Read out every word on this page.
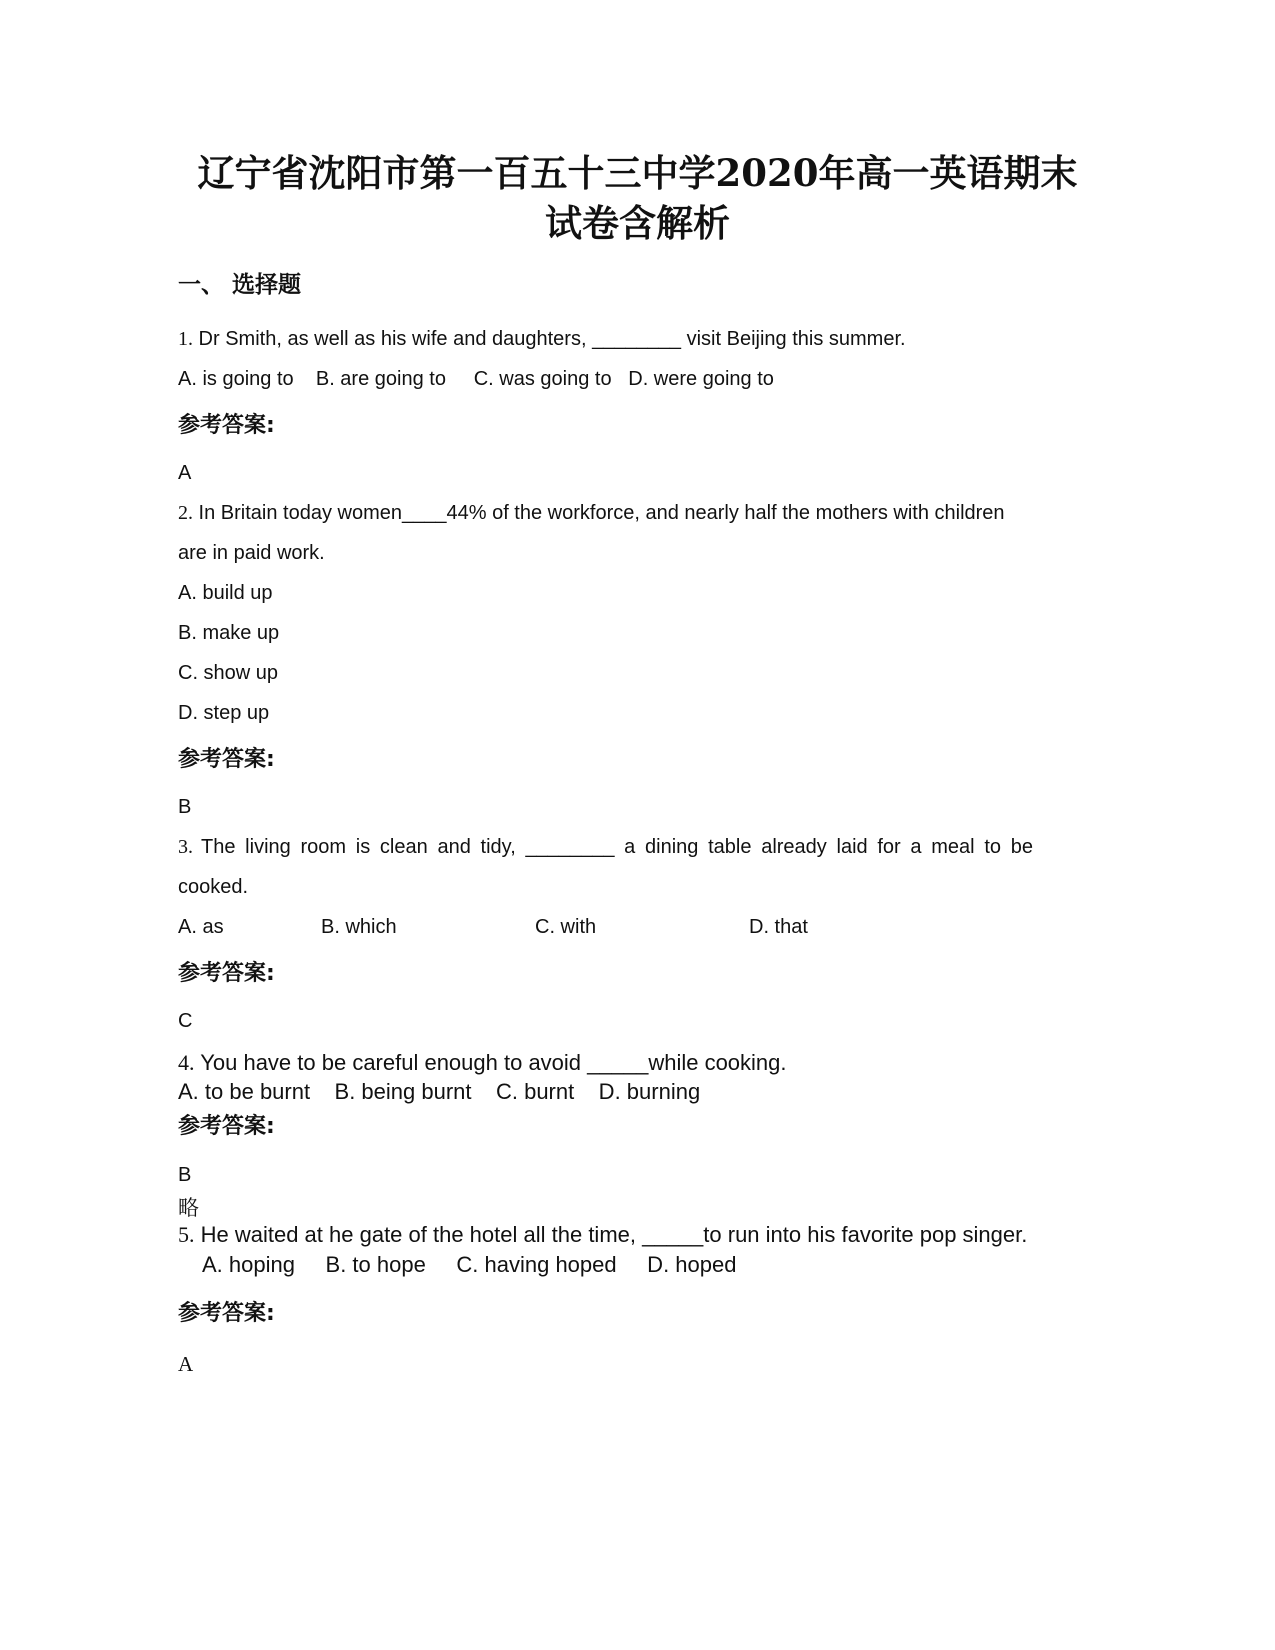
辽宁省沈阳市第一百五十三中学2020年高一英语期末
试卷含解析
一、 选择题
1. Dr Smith, as well as his wife and daughters, ________ visit Beijing this summer.
A. is going to    B. are going to     C. was going to   D. were going to
参考答案:
A
2. In Britain today women____44% of the workforce, and nearly half the mothers with children
are in paid work.
A. build up
B. make up
C. show up
D. step up
参考答案:
B
3. The living room is clean and tidy, ________ a dining table already laid for a meal to be
cooked.
A. as	B. which	C. with	D. that
参考答案:
C
4. You have to be careful enough to avoid _____while cooking.
A. to be burnt    B. being burnt    C. burnt    D. burning
参考答案:
B
略
5. He waited at he gate of the hotel all the time, _____to run into his favorite pop singer.
A. hoping     B. to hope     C. having hoped     D. hoped
参考答案:
A
